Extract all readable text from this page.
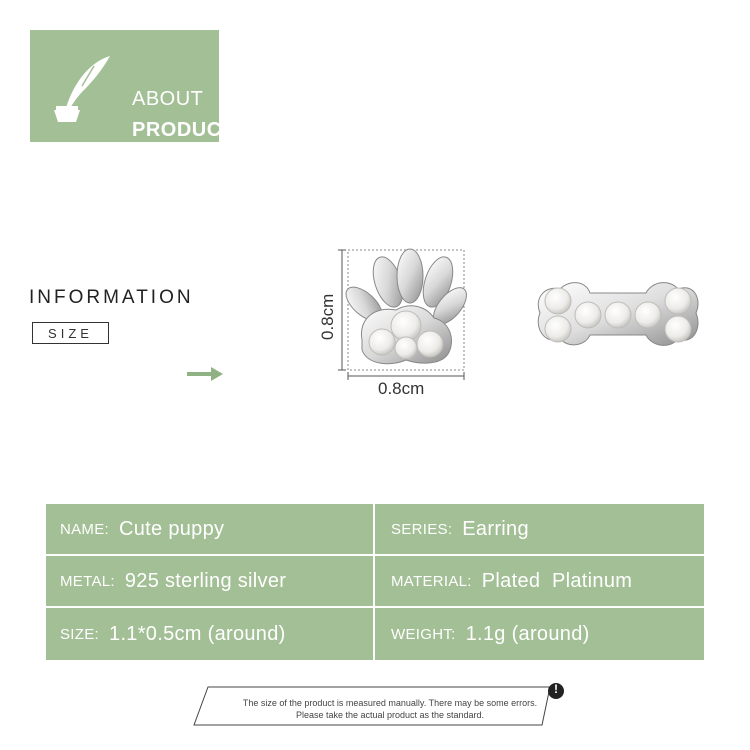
ABOUT
PRODUCT
INFORMATION
SIZE	0.8cm
0.8cm
NAME: Cute puppy	SERIES: Earring
METAL: 925 sterling silver	MATERIAL: Plated  Platinum
SIZE: 1.1*0.5cm (around)	WEIGHT: 1.1g (around)
!
The size of the product is measured manually. There may be some errors.
Please take the actual product as the standard.
